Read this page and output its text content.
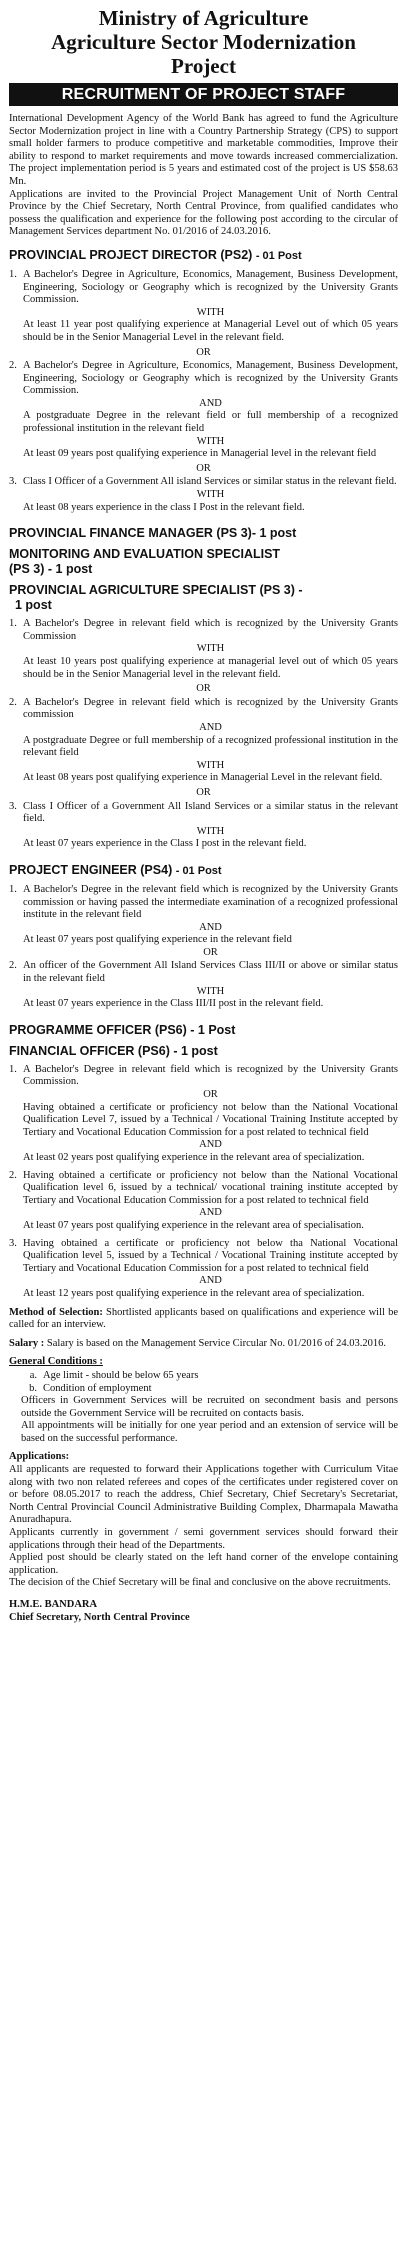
Ministry of Agriculture
Agriculture Sector Modernization
Project
RECRUITMENT OF PROJECT STAFF

International Development Agency of the World Bank has agreed to fund the Agriculture Sector Modernization project in line with a Country Partnership Strategy (CPS) to support small holder farmers to produce competitive and marketable commodities, Improve their ability to respond to market requirements and move towards increased commercialization. The project implementation period is 5 years and estimated cost of the project is US $58.63 Mn.

Applications are invited to the Provincial Project Management Unit of North Central Province by the Chief Secretary, North Central Province, from qualified candidates who possess the qualification and experience for the following post according to the circular of Management Services department No. 01/2016 of 24.03.2016.

PROVINCIAL PROJECT DIRECTOR (PS2) - 01 Post
1. A Bachelor's Degree in Agriculture, Economics, Management, Business Development, Engineering, Sociology or Geography which is recognized by the University Grants Commission.

WITH

At least 11 year post qualifying experience at Managerial Level out of which 05 years should be in the Senior Managerial Level in the relevant field.

OR

2. A Bachelor's Degree in Agriculture, Economics, Management, Business Development, Engineering, Sociology or Geography which is recognized by the University Grants Commission.

AND

A postgraduate Degree in the relevant field or full membership of a recognized professional institution in the relevant field

WITH

At least 09 years post qualifying experience in Managerial level in the relevant field

OR

3. Class I Officer of a Government All island Services or similar status in the relevant field.

WITH

At least 08 years experience in the class I Post in the relevant field.

PROVINCIAL FINANCE MANAGER (PS 3)- 1 post
MONITORING AND EVALUATION SPECIALIST
(PS 3) - 1 post
PROVINCIAL AGRICULTURE SPECIALIST (PS 3) -
1 post
1. A Bachelor's Degree in relevant field which is recognized by the University Grants Commission

WITH

At least 10 years post qualifying experience at managerial level out of which 05 years should be in the Senior Managerial level in the relevant field.

OR

2. A Bachelor's Degree in relevant field which is recognized by the University Grants commission

AND

A postgraduate Degree or full membership of a recognized professional institution in the relevant field

WITH

At least 08 years post qualifying experience in Managerial Level in the relevant field.

OR

3. Class I Officer of a Government All Island Services or a similar status in the relevant field.

WITH

At least 07 years experience in the Class I post in the relevant field.

PROJECT ENGINEER (PS4) - 01 Post
1. A Bachelor's Degree in the relevant field which is recognized by the University Grants commission or having passed the intermediate examination of a recognized professional institute in the relevant field

AND

At least 07 years post qualifying experience in the relevant field

OR

2. An officer of the Government All Island Services Class III/II or above or similar status in the relevant field

WITH

At least 07 years experience in the Class III/II post in the relevant field.

PROGRAMME OFFICER (PS6) - 1 Post
FINANCIAL OFFICER (PS6) - 1 post
1. A Bachelor's Degree in relevant field which is recognized by the University Grants Commission.

OR

Having obtained a certificate or proficiency not below than the National Vocational Qualification Level 7, issued by a Technical / Vocational Training Institute accepted by Tertiary and Vocational Education Commission for a post related to technical field

AND

At least 02 years post qualifying experience in the relevant area of specialization.

2. Having obtained a certificate or proficiency not below than the National Vocational Qualification level 6, issued by a technical/ vocational training institute accepted by Tertiary and Vocational Education Commission for a post related to technical field

AND

At least 07 years post qualifying experience in the relevant area of specialisation.

3. Having obtained a certificate or proficiency not below tha National Vocational Qualification level 5, issued by a Technical / Vocational Training institute accepted by Tertiary and Vocational Education Commission for a post related to technical field

AND

At least 12 years post qualifying experience in the relevant area of specialization.

Method of Selection: Shortlisted applicants based on qualifications and experience will be called for an interview.

Salary : Salary is based on the Management Service Circular No. 01/2016 of 24.03.2016.

General Conditions :

a. Age limit - should be below 65 years
b. Condition of employment

Officers in Government Services will be recruited on secondment basis and persons outside the Government Service will be recruited on contacts basis.

All appointments will be initially for one year period and an extension of service will be based on the successful performance.

Applications:

All applicants are requested to forward their Applications together with Curriculum Vitae along with two non related referees and copes of the certificates under registered cover on or before 08.05.2017 to reach the address, Chief Secretary, Chief Secretary's Secretariat, North Central Provincial Council Administrative Building Complex, Dharmapala Mawatha Anuradhapura.

Applicants currently in government / semi government services should forward their applications through their head of the Departments.

Applied post should be clearly stated on the left hand corner of the envelope containing application.

The decision of the Chief Secretary will be final and conclusive on the above recruitments.

H.M.E. BANDARA
Chief Secretary, North Central Province
